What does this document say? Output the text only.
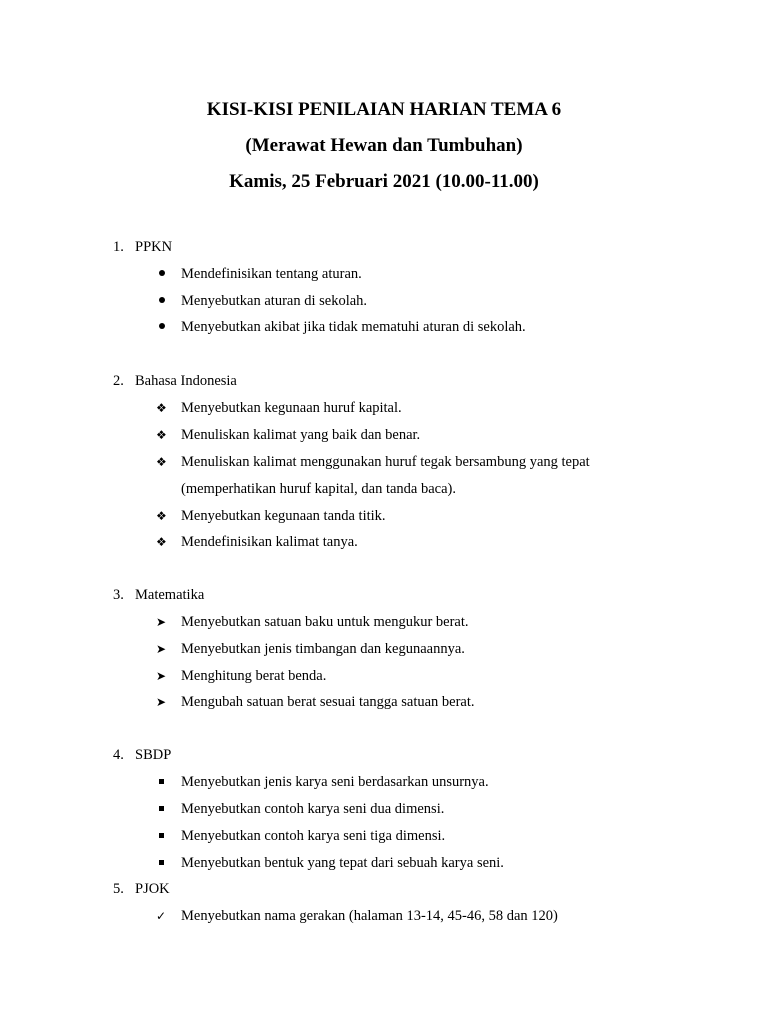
KISI-KISI PENILAIAN HARIAN TEMA 6
(Merawat Hewan dan Tumbuhan)
Kamis, 25 Februari 2021 (10.00-11.00)
1. PPKN
Mendefinisikan tentang aturan.
Menyebutkan aturan di sekolah.
Menyebutkan akibat jika tidak mematuhi aturan di sekolah.
2. Bahasa Indonesia
❖ Menyebutkan kegunaan huruf kapital.
❖ Menuliskan kalimat yang baik dan benar.
❖ Menuliskan kalimat menggunakan huruf tegak bersambung yang tepat
(memperhatikan huruf kapital, dan tanda baca).
❖ Menyebutkan kegunaan tanda titik.
❖ Mendefinisikan kalimat tanya.
3. Matematika
➤	Menyebutkan satuan baku untuk mengukur berat.
➤	Menyebutkan jenis timbangan dan kegunaannya.
➤	Menghitung berat benda.
➤	Mengubah satuan berat sesuai tangga satuan berat.
4. SBDP
Menyebutkan jenis karya seni berdasarkan unsurnya.
Menyebutkan contoh karya seni dua dimensi.
Menyebutkan contoh karya seni tiga dimensi.
Menyebutkan bentuk yang tepat dari sebuah karya seni.
5. PJOK
✓	Menyebutkan nama gerakan (halaman 13-14, 45-46, 58 dan 120)
